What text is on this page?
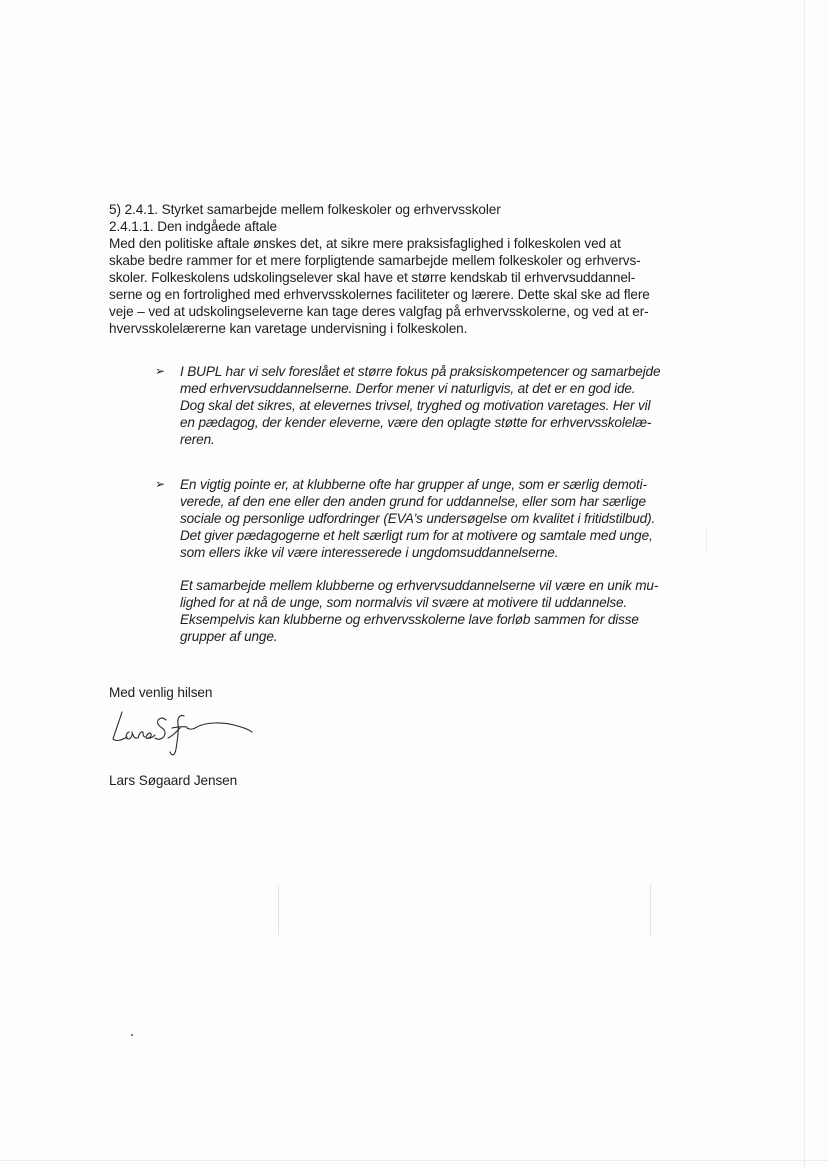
5) 2.4.1. Styrket samarbejde mellem folkeskoler og erhvervsskoler
2.4.1.1. Den indgåede aftale
Med den politiske aftale ønskes det, at sikre mere praksisfaglighed i folkeskolen ved at
skabe bedre rammer for et mere forpligtende samarbejde mellem folkeskoler og erhvervs-
skoler. Folkeskolens udskolingselever skal have et større kendskab til erhvervsuddannel-
serne og en fortrolighed med erhvervsskolernes faciliteter og lærere. Dette skal ske ad flere
veje – ved at udskolingseleverne kan tage deres valgfag på erhvervsskolerne, og ved at er-
hvervsskolelærerne kan varetage undervisning i folkeskolen.
➢ I BUPL har vi selv foreslået et større fokus på praksiskompetencer og samarbejde
med erhvervsuddannelserne. Derfor mener vi naturligvis, at det er en god ide.
Dog skal det sikres, at elevernes trivsel, tryghed og motivation varetages. Her vil
en pædagog, der kender eleverne, være den oplagte støtte for erhvervsskolelæ-
reren.
➢ En vigtig pointe er, at klubberne ofte har grupper af unge, som er særlig demoti-
verede, af den ene eller den anden grund for uddannelse, eller som har særlige
sociale og personlige udfordringer (EVA's undersøgelse om kvalitet i fritidstilbud).
Det giver pædagogerne et helt særligt rum for at motivere og samtale med unge,
som ellers ikke vil være interesserede i ungdomsuddannelserne.
Et samarbejde mellem klubberne og erhvervsuddannelserne vil være en unik mu-
lighed for at nå de unge, som normalvis vil svære at motivere til uddannelse.
Eksempelvis kan klubberne og erhvervsskolerne lave forløb sammen for disse
grupper af unge.
Med venlig hilsen
Lars Søgaard Jensen
